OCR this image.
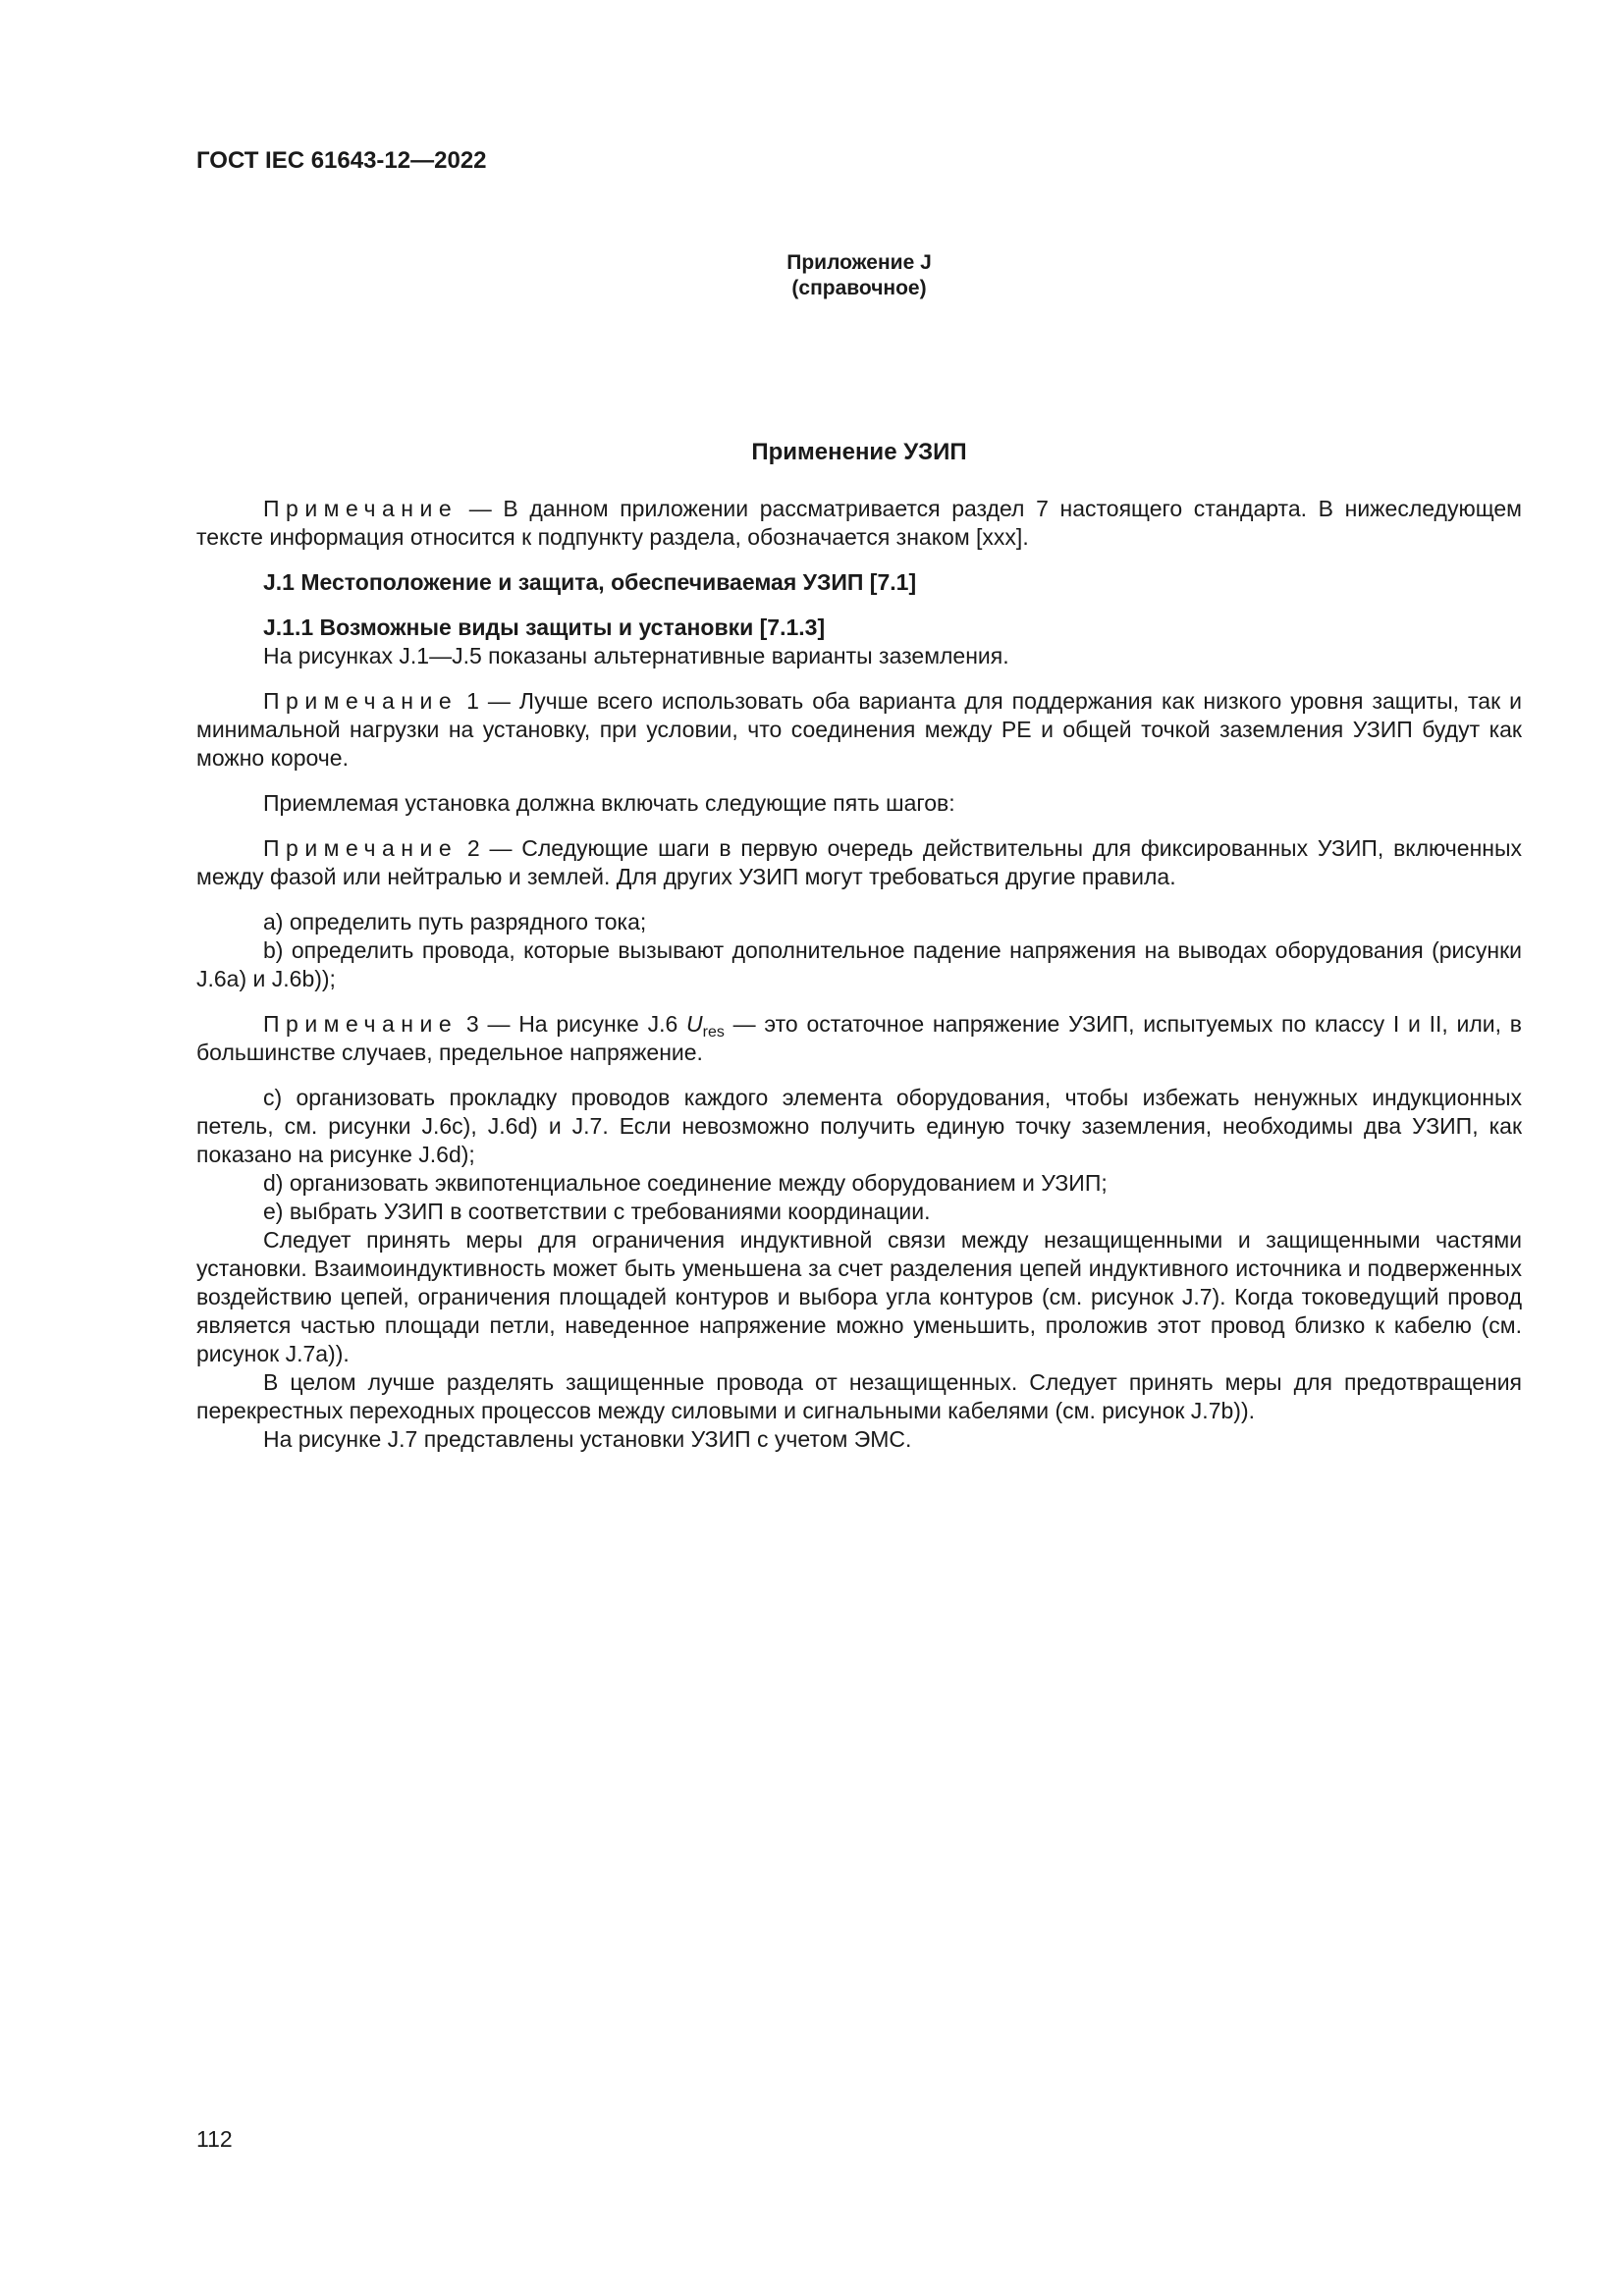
ГОСТ IEC 61643-12—2022
Приложение J
(справочное)
Применение УЗИП

Примечание — В данном приложении рассматривается раздел 7 настоящего стандарта. В нижеследующем тексте информация относится к подпункту раздела, обозначается знаком [xxx].

J.1 Местоположение и защита, обеспечиваемая УЗИП [7.1]

J.1.1 Возможные виды защиты и установки [7.1.3]

На рисунках J.1—J.5 показаны альтернативные варианты заземления.

Примечание 1 — Лучше всего использовать оба варианта для поддержания как низкого уровня защиты, так и минимальной нагрузки на установку, при условии, что соединения между PE и общей точкой заземления УЗИП будут как можно короче.

Приемлемая установка должна включать следующие пять шагов:

Примечание 2 — Следующие шаги в первую очередь действительны для фиксированных УЗИП, включенных между фазой или нейтралью и землей. Для других УЗИП могут требоваться другие правила.

a) определить путь разрядного тока;

b) определить провода, которые вызывают дополнительное падение напряжения на выводах оборудования (рисунки J.6a) и J.6b));

Примечание 3 — На рисунке J.6 $U_{res}$ — это остаточное напряжение УЗИП, испытуемых по классу I и II, или, в большинстве случаев, предельное напряжение.

c) организовать прокладку проводов каждого элемента оборудования, чтобы избежать ненужных индукционных петель, см. рисунки J.6c), J.6d) и J.7. Если невозможно получить единую точку заземления, необходимы два УЗИП, как показано на рисунке J.6d);

d) организовать эквипотенциальное соединение между оборудованием и УЗИП;

e) выбрать УЗИП в соответствии с требованиями координации.

Следует принять меры для ограничения индуктивной связи между незащищенными и защищенными частями установки. Взаимоиндуктивность может быть уменьшена за счет разделения цепей индуктивного источника и подверженных воздействию цепей, ограничения площадей контуров и выбора угла контуров (см. рисунок J.7). Когда токоведущий провод является частью площади петли, наведенное напряжение можно уменьшить, проложив этот провод близко к кабелю (см. рисунок J.7a)).

В целом лучше разделять защищенные провода от незащищенных. Следует принять меры для предотвращения перекрестных переходных процессов между силовыми и сигнальными кабелями (см. рисунок J.7b)).

На рисунке J.7 представлены установки УЗИП с учетом ЭМС.

112
